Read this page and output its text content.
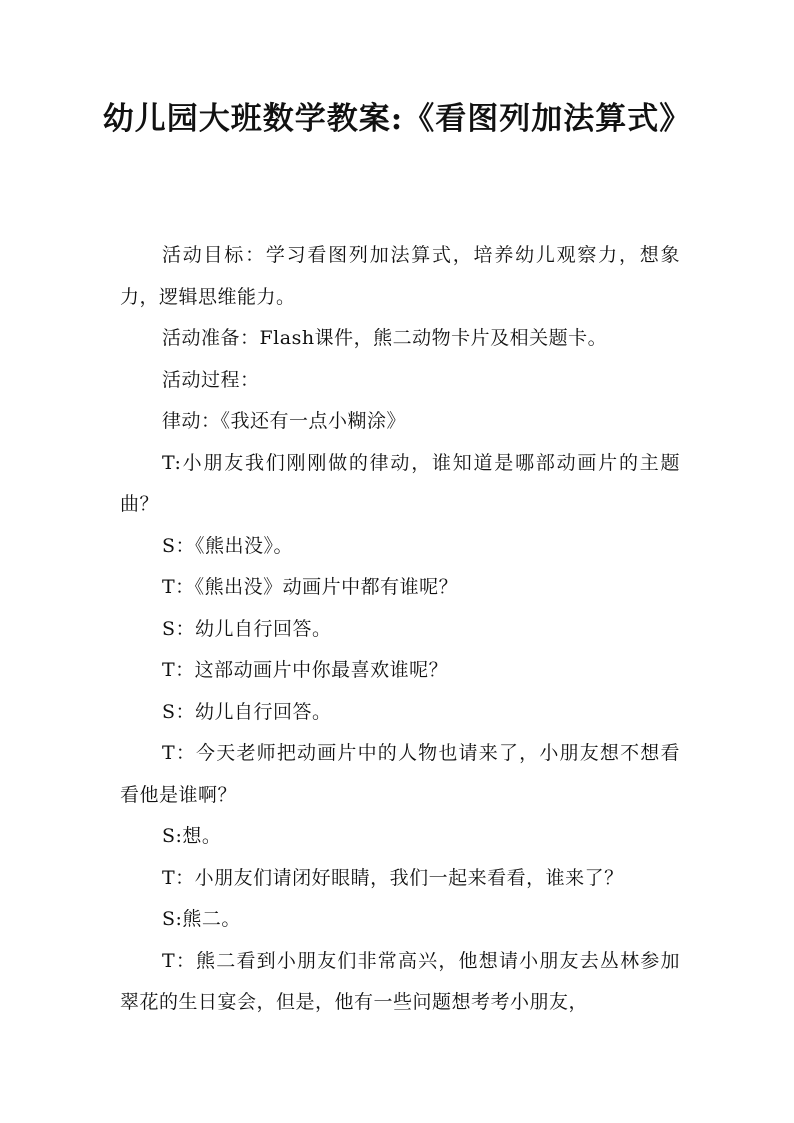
幼儿园大班数学教案:《看图列加法算式》

活动目标：学习看图列加法算式，培养幼儿观察力，想象力，逻辑思维能力。

活动准备：Flash课件，熊二动物卡片及相关题卡。

活动过程：

律动：《我还有一点小糊涂》

T:小朋友我们刚刚做的律动，谁知道是哪部动画片的主题曲？

S：《熊出没》。

T：《熊出没》动画片中都有谁呢？

S：幼儿自行回答。

T：这部动画片中你最喜欢谁呢？

S：幼儿自行回答。

T：今天老师把动画片中的人物也请来了，小朋友想不想看看他是谁啊？

S:想。

T：小朋友们请闭好眼睛，我们一起来看看，谁来了？

S:熊二。

T：熊二看到小朋友们非常高兴，他想请小朋友去丛林参加翠花的生日宴会，但是，他有一些问题想考考小朋友，
